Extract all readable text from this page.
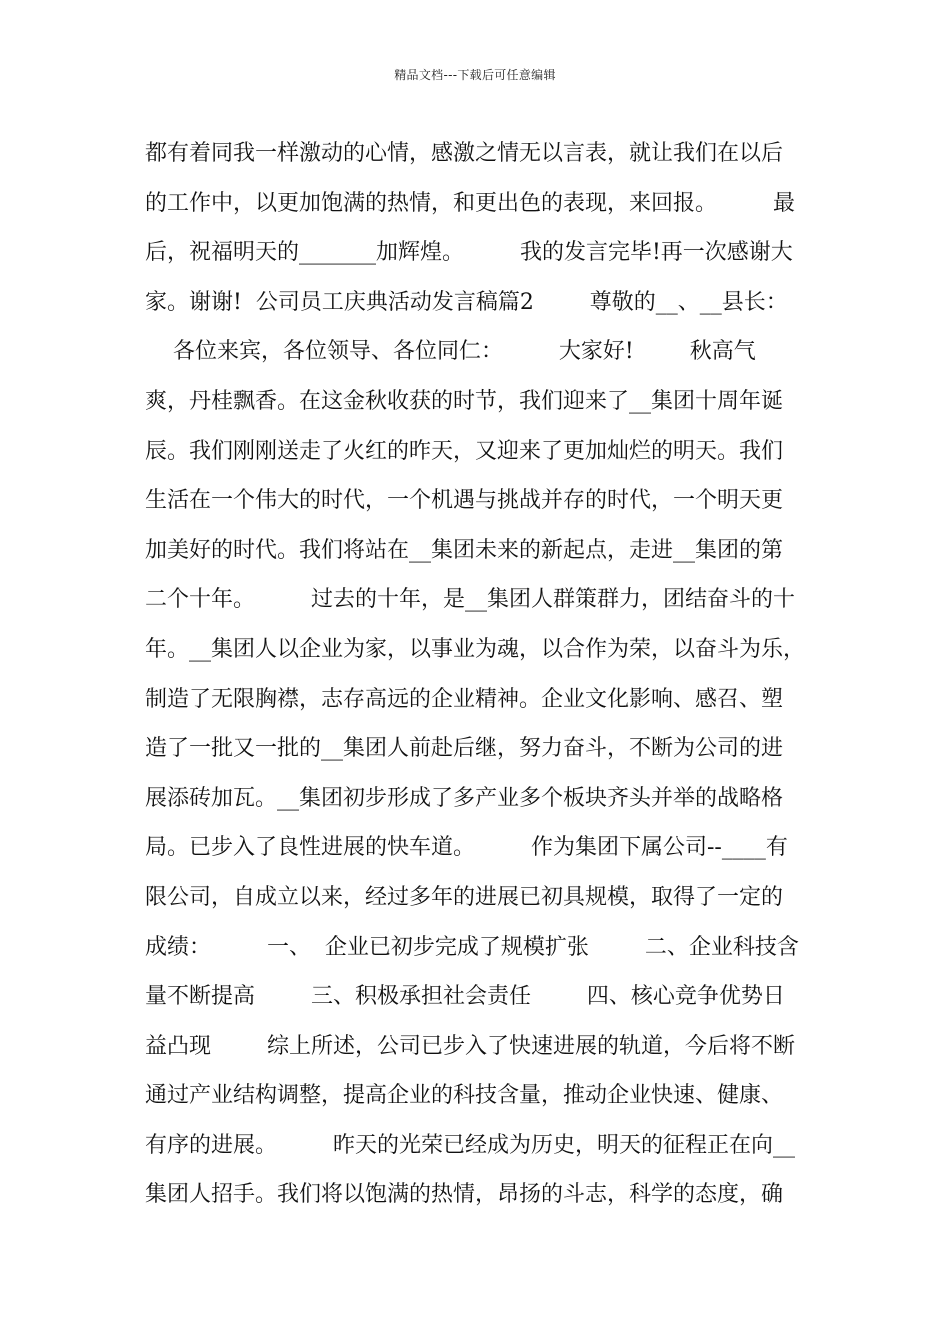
精品文档---下载后可任意编辑
都有着同我一样激动的心情，感激之情无以言表，就让我们在以后
的工作中，以更加饱满的热情，和更出色的表现，来回报。        最
后，祝福明天的_______加辉煌。        我的发言完毕!再一次感谢大
家。谢谢!  公司员工庆典活动发言稿篇2        尊敬的__、__县长：
各位来宾，各位领导、各位同仁：        大家好!        秋高气
爽，丹桂飘香。在这金秋收获的时节，我们迎来了__集团十周年诞
辰。我们刚刚送走了火红的昨天，又迎来了更加灿烂的明天。我们
生活在一个伟大的时代，一个机遇与挑战并存的时代，一个明天更
加美好的时代。我们将站在__集团未来的新起点，走进__集团的第
二个十年。        过去的十年，是__集团人群策群力，团结奋斗的十
年。__集团人以企业为家，以事业为魂，以合作为荣，以奋斗为乐，
制造了无限胸襟，志存高远的企业精神。企业文化影响、感召、塑
造了一批又一批的__集团人前赴后继，努力奋斗，不断为公司的进
展添砖加瓦。__集团初步形成了多产业多个板块齐头并举的战略格
局。已步入了良性进展的快车道。        作为集团下属公司--____有
限公司，自成立以来，经过多年的进展已初具规模，取得了一定的
成绩：        一、  企业已初步完成了规模扩张        二、企业科技含
量不断提高        三、积极承担社会责任        四、核心竞争优势日
益凸现        综上所述，公司已步入了快速进展的轨道，今后将不断
通过产业结构调整，提高企业的科技含量，推动企业快速、健康、
有序的进展。        昨天的光荣已经成为历史，明天的征程正在向__
集团人招手。我们将以饱满的热情，昂扬的斗志，科学的态度，确
